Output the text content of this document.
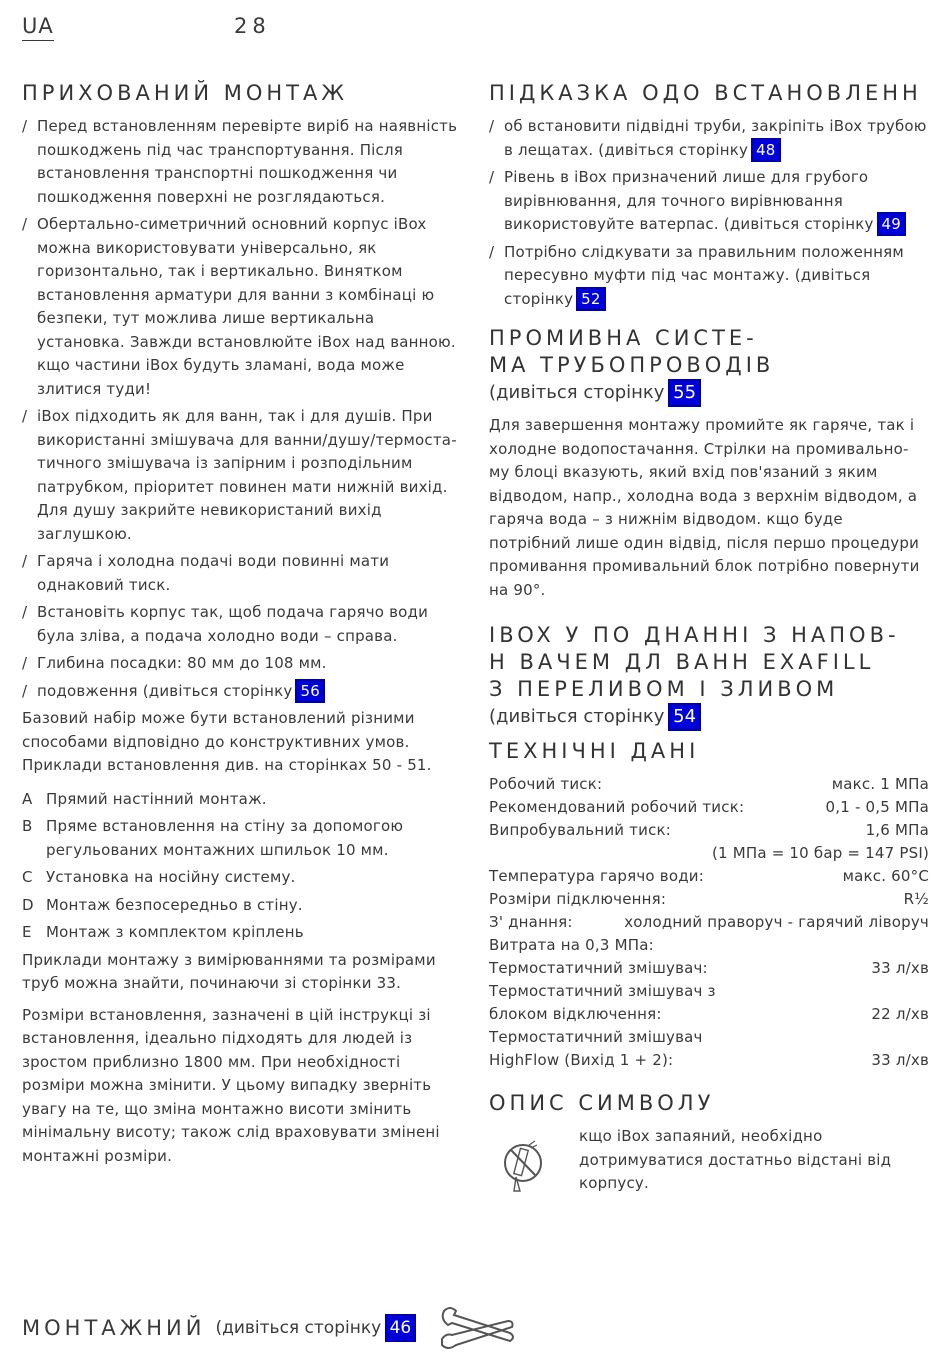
UA	28
ПРИХОВАНИЙ МОНТАЖ
/ Перед встановленням перевірте виріб на наявність пошкоджень під час транспортування. Після встановлення транспортні пошкодження чи пошкодження поверхні не розглядаються.
/ Обертально-симетричний основний корпус iBox можна використовувати універсально, як горизонтально, так і вертикально. Винятком встановлення арматури для ванни з комбінаці ю безпеки, тут можлива лише вертикальна установка. Завжди встановлюйте iBox над ванною. кщо частини iBox будуть зламані, вода може злитися туди!
/ iBox підходить як для ванн, так і для душів. При використанні змішувача для ванни/душу/термоста- тичного змішувача із запірним і розподільним патрубком, пріоритет повинен мати нижній вихід. Для душу закрийте невикористаний вихід заглушкою.
/ Гаряча і холодна подачі води повинні мати однаковий тиск.
/ Встановіть корпус так, щоб подача гарячо води була зліва, а подача холодно води – справа.
/ Глибина посадки: 80 мм до 108 мм.
/ подовження (дивіться сторінку 56
Базовий набір може бути встановлений різними способами відповідно до конструктивних умов. Приклади встановлення див. на сторінках 50 - 51.
A Прямий настінний монтаж.
B Пряме встановлення на стіну за допомогою регульованих монтажних шпильок 10 мм.
C Установка на носійну систему.
D Монтаж безпосередньо в стіну.
E Монтаж з комплектом кріплень
Приклади монтажу з вимірюваннями та розмірами труб можна знайти, починаючи зі сторінки 33.
Розміри встановлення, зазначені в цій інструкці зі встановлення, ідеально підходять для людей із зростом приблизно 1800 мм. При необхідності розміри можна змінити. У цьому випадку зверніть увагу на те, що зміна монтажно висоти змінить мінімальну висоту; також слід враховувати змінені монтажні розміри.
ПІДКАЗКА ОДО ВСТАНОВЛЕНН
/ об встановити підвідні труби, закріпіть iBox трубою в лещатах. (дивіться сторінку 48
/ Рівень в iBox призначений лише для грубого вирівнювання, для точного вирівнювання використовуйте ватерпас. (дивіться сторінку 49
/ Потрібно слідкувати за правильним положенням пересувно муфти під час монтажу. (дивіться сторінку 52
ПРОМИВНА СИСТЕ-
МА ТРУБОПРОВОДІВ
(дивіться сторінку 55
Для завершення монтажу промийте як гаряче, так і холодне водопостачання. Стрілки на промивально- му блоці вказують, який вхід пов'язаний з яким відводом, напр., холодна вода з верхнім відводом, а гаряча вода – з нижнім відводом. кщо буде потрібний лише один відвід, після першо процедури промивання промивальний блок потрібно повернути на 90°.
IBOX У ПО ДНАННІ З НАПОВ-
Н ВАЧЕМ ДЛ ВАНН EXAFILL
З ПЕРЕЛИВОМ І ЗЛИВОМ
(дивіться сторінку 54
ТЕХНІЧНІ ДАНІ
Робочий тиск:	макс. 1 МПа
Рекомендований робочий тиск:	0,1 - 0,5 МПа
Випробувальний тиск:	1,6 МПа
(1 МПа = 10 бар = 147 PSI)
Температура гарячо води:	макс. 60°C
Розміри підключення:	R½
З' днання:	холодний праворуч - гарячий ліворуч
Витрата на 0,3 МПа:
Термостатичний змішувач:	33 л/хв
Термостатичний змішувач з
блоком відключення:	22 л/хв
Термостатичний змішувач
HighFlow (Вихід 1 + 2):	33 л/хв
ОПИС СИМВОЛУ
кщо iBox запаяний, необхідно дотримуватися достатньо відстані від корпусу.
МОНТАЖНИЙ (дивіться сторінку 46
